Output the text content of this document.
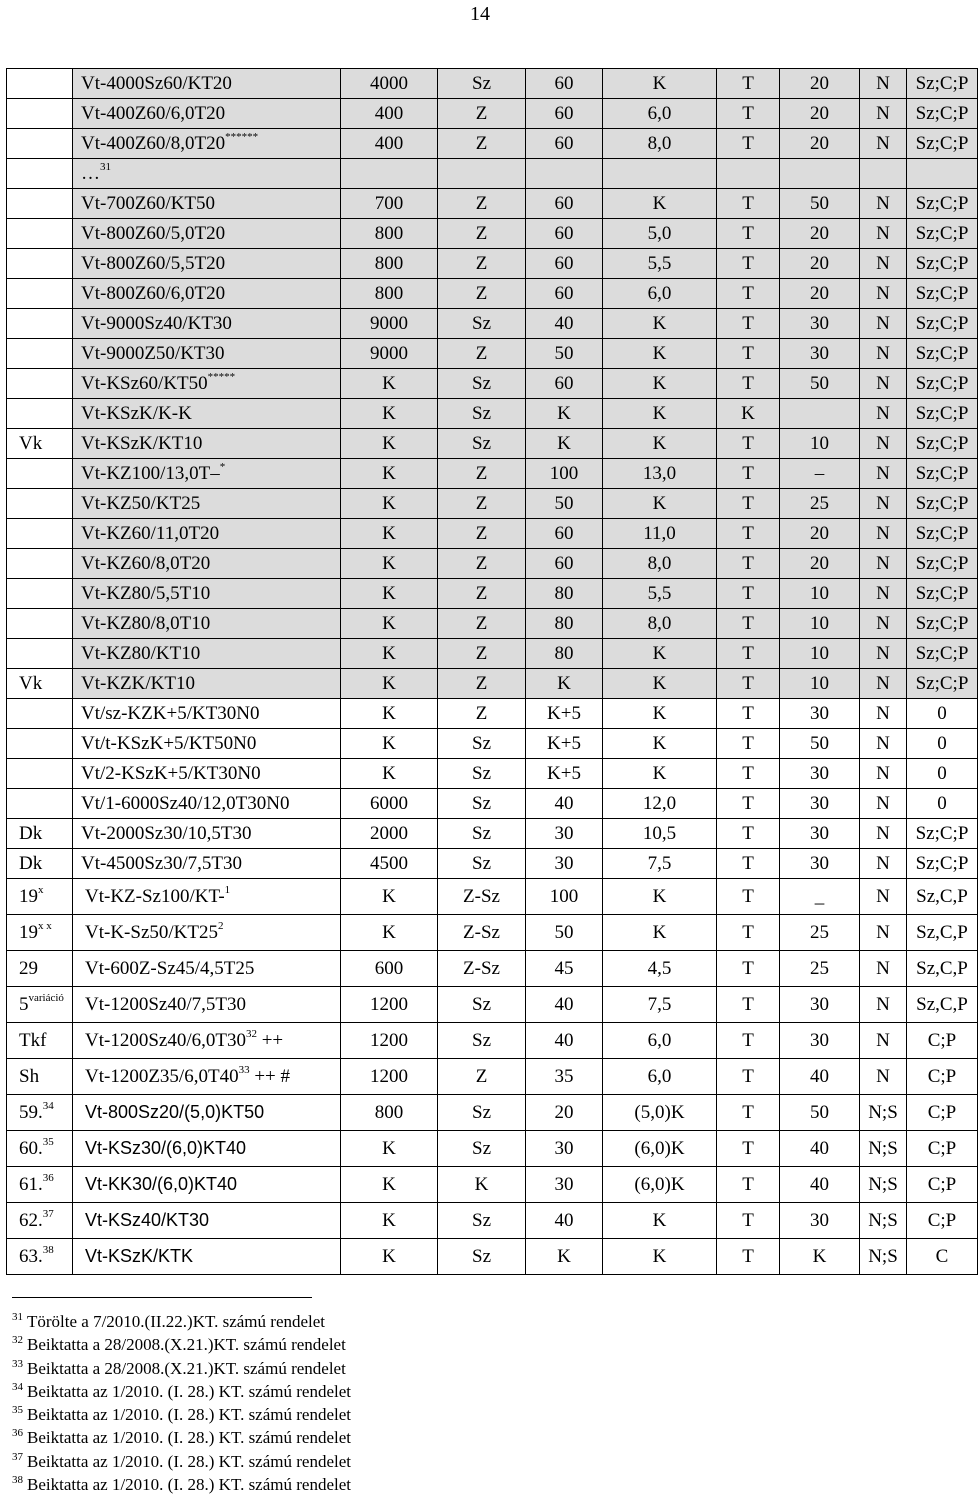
14
	Vt-4000Sz60/KT20	4000	Sz	60	K	T	20	N	Sz;C;P
	Vt-400Z60/6,0T20	400	Z	60	6,0	T	20	N	Sz;C;P
	Vt-400Z60/8,0T20******	400	Z	60	8,0	T	20	N	Sz;C;P
	…$^{31}$								
	Vt-700Z60/KT50	700	Z	60	K	T	50	N	Sz;C;P
	Vt-800Z60/5,0T20	800	Z	60	5,0	T	20	N	Sz;C;P
	Vt-800Z60/5,5T20	800	Z	60	5,5	T	20	N	Sz;C;P
	Vt-800Z60/6,0T20	800	Z	60	6,0	T	20	N	Sz;C;P
	Vt-9000Sz40/KT30	9000	Sz	40	K	T	30	N	Sz;C;P
	Vt-9000Z50/KT30	9000	Z	50	K	T	30	N	Sz;C;P
	Vt-KSz60/KT50*****	K	Sz	60	K	T	50	N	Sz;C;P
	Vt-KSzK/K-K	K	Sz	K	K	K		N	Sz;C;P
Vk	Vt-KSzK/KT10	K	Sz	K	K	T	10	N	Sz;C;P
	Vt-KZ100/13,0T–*	K	Z	100	13,0	T	–	N	Sz;C;P
	Vt-KZ50/KT25	K	Z	50	K	T	25	N	Sz;C;P
	Vt-KZ60/11,0T20	K	Z	60	11,0	T	20	N	Sz;C;P
	Vt-KZ60/8,0T20	K	Z	60	8,0	T	20	N	Sz;C;P
	Vt-KZ80/5,5T10	K	Z	80	5,5	T	10	N	Sz;C;P
	Vt-KZ80/8,0T10	K	Z	80	8,0	T	10	N	Sz;C;P
	Vt-KZ80/KT10	K	Z	80	K	T	10	N	Sz;C;P
Vk	Vt-KZK/KT10	K	Z	K	K	T	10	N	Sz;C;P
	Vt/sz-KZK+5/KT30N0	K	Z	K+5	K	T	30	N	0
	Vt/t-KSzK+5/KT50N0	K	Sz	K+5	K	T	50	N	0
	Vt/2-KSzK+5/KT30N0	K	Sz	K+5	K	T	30	N	0
	Vt/1-6000Sz40/12,0T30N0	6000	Sz	40	12,0	T	30	N	0
Dk	Vt-2000Sz30/10,5T30	2000	Sz	30	10,5	T	30	N	Sz;C;P
Dk	Vt-4500Sz30/7,5T30	4500	Sz	30	7,5	T	30	N	Sz;C;P
19$^x$	Vt-KZ-Sz100/KT-$^1$	K	Z-Sz	100	K	T	_	N	Sz,C,P
$19^{x x}$	$Vt-K-Sz50/KT25^2$	K	Z-Sz	50	K	T	25	N	Sz,C,P
29	Vt-600Z-Sz45/4,5T25	600	Z-Sz	45	4,5	T	25	N	Sz,C,P
$5^{variáció}$	Vt-1200Sz40/7,5T30	1200	Sz	40	7,5	T	30	N	Sz,C,P
Tkf	$Vt-1200Sz40/6,0T30^{32}$ ++	1200	Sz	40	6,0	T	30	N	C;P
Sh	$Vt-1200Z35/6,0T40^{33}$ ++ #	1200	Z	35	6,0	T	40	N	C;P
59.34	Vt-800Sz20/(5,0)KT50	800	Sz	20	(5,0)K	T	50	N;S	C;P
60.35	Vt-KSz30/(6,0)KT40	K	Sz	30	(6,0)K	T	40	N;S	C;P
61.36	Vt-KK30/(6,0)KT40	K	K	30	(6,0)K	T	40	N;S	C;P
62.37	Vt-KSz40/KT30	K	Sz	40	K	T	30	N;S	C;P
63.38	Vt-KSzK/KTK	K	Sz	K	K	T	K	N;S	C
$^{31}$ Törölte a 7/2010.(II.22.)KT. számú rendelet
$^{32}$ Beiktatta a 28/2008.(X.21.)KT. számú rendelet
$^{33}$ Beiktatta a 28/2008.(X.21.)KT. számú rendelet
$^{34}$ Beiktatta az 1/2010. (I. 28.) KT. számú rendelet
$^{35}$ Beiktatta az 1/2010. (I. 28.) KT. számú rendelet
$^{36}$ Beiktatta az 1/2010. (I. 28.) KT. számú rendelet
$^{37}$ Beiktatta az 1/2010. (I. 28.) KT. számú rendelet
$^{38}$ Beiktatta az 1/2010. (I. 28.) KT. számú rendelet
